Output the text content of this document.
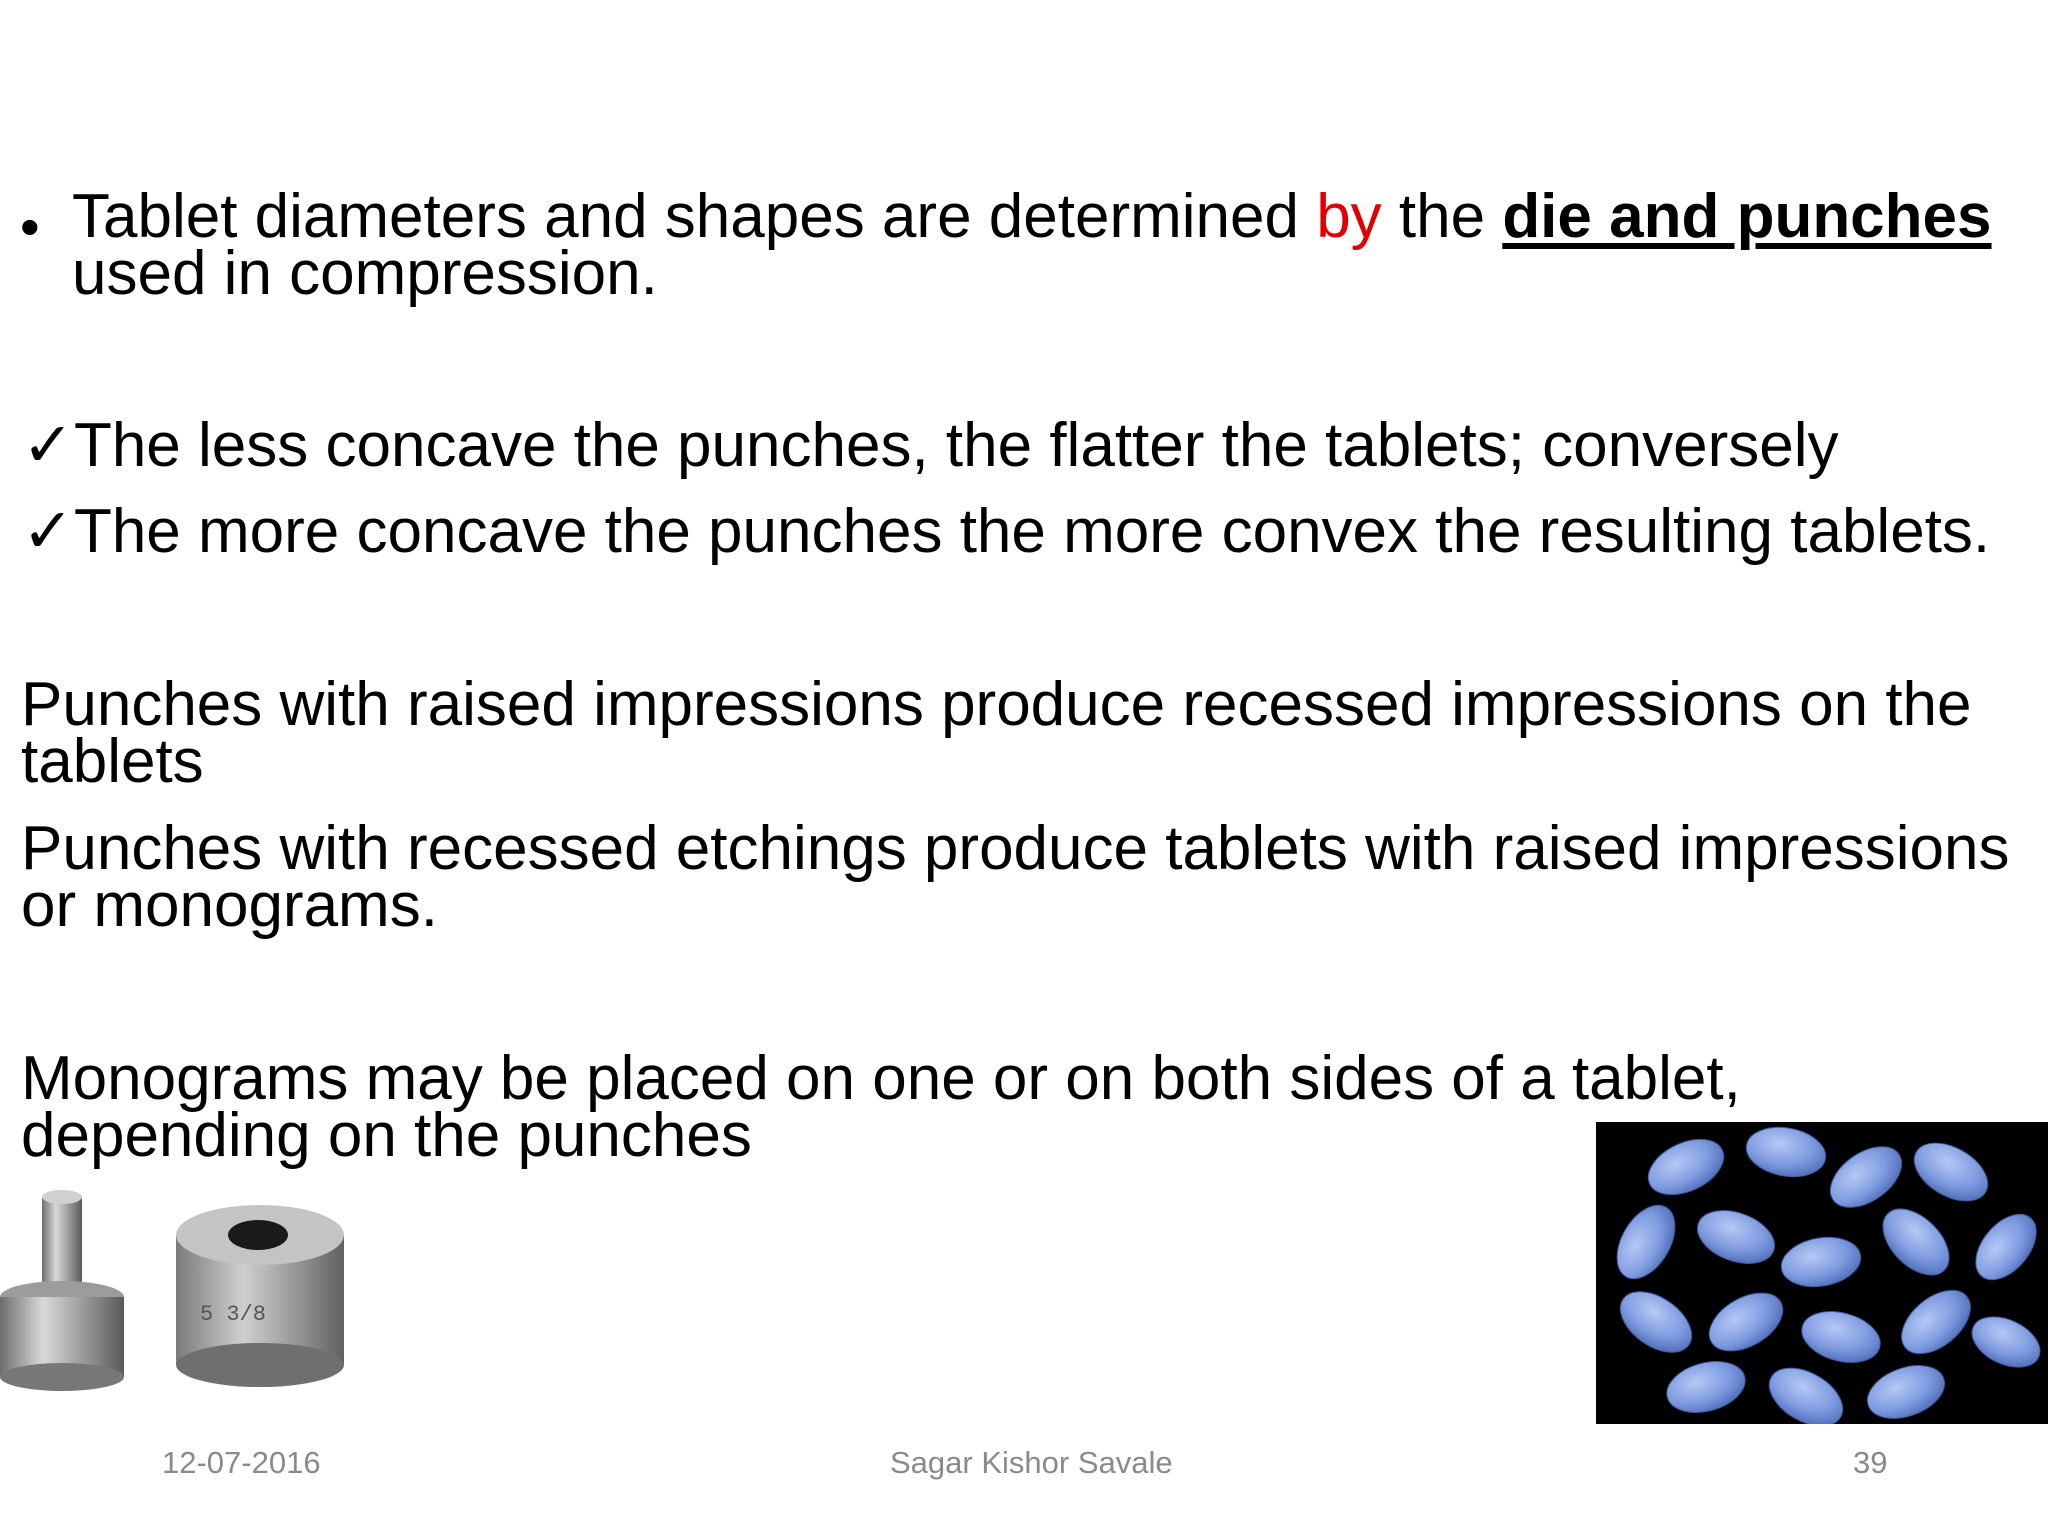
• Tablet diameters and shapes are determined by the die and punches
used in compression.
✓The less concave the punches, the flatter the tablets; conversely
✓The more concave the punches the more convex the resulting tablets.
Punches with raised impressions produce recessed impressions on the
tablets
Punches with recessed etchings produce tablets with raised impressions
or monograms.
Monograms may be placed on one or on both sides of a tablet,
depending on the punches
5 3/8
12-07-2016	Sagar Kishor Savale	39
